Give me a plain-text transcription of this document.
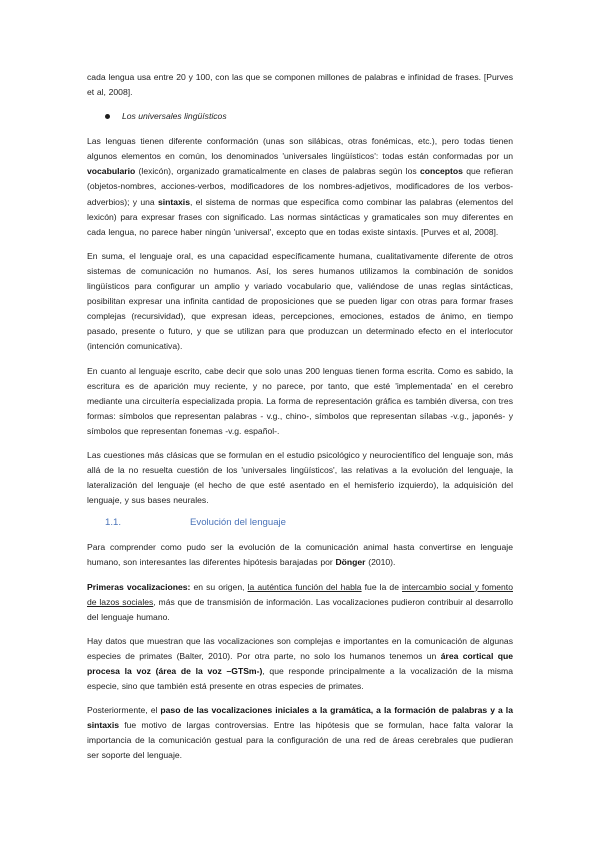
cada lengua usa entre 20 y 100, con las que se componen millones de palabras e infinidad de frases. [Purves et al, 2008].

Los universales lingüísticos

Las lenguas tienen diferente conformación (unas son silábicas, otras fonémicas, etc.), pero todas tienen algunos elementos en común, los denominados 'universales lingüísticos': todas están conformadas por un vocabulario (lexicón), organizado gramaticalmente en clases de palabras según los conceptos que refieran (objetos-nombres, acciones-verbos, modificadores de los nombres-adjetivos, modificadores de los verbos-adverbios); y una sintaxis, el sistema de normas que especifica como combinar las palabras (elementos del lexicón) para expresar frases con significado. Las normas sintácticas y gramaticales son muy diferentes en cada lengua, no parece haber ningún 'universal', excepto que en todas existe sintaxis. [Purves et al, 2008].

En suma, el lenguaje oral, es una capacidad específicamente humana, cualitativamente diferente de otros sistemas de comunicación no humanos. Así, los seres humanos utilizamos la combinación de sonidos lingüísticos para configurar un amplio y variado vocabulario que, valiéndose de unas reglas sintácticas, posibilitan expresar una infinita cantidad de proposiciones que se pueden ligar con otras para formar frases complejas (recursividad), que expresan ideas, percepciones, emociones, estados de ánimo, en tiempo pasado, presente o futuro, y que se utilizan para que produzcan un determinado efecto en el interlocutor (intención comunicativa).

En cuanto al lenguaje escrito, cabe decir que solo unas 200 lenguas tienen forma escrita. Como es sabido, la escritura es de aparición muy reciente, y no parece, por tanto, que esté 'implementada' en el cerebro mediante una circuitería especializada propia. La forma de representación gráfica es también diversa, con tres formas: símbolos que representan palabras - v.g., chino-, símbolos que representan sílabas -v.g., japonés- y símbolos que representan fonemas -v.g. español-.

Las cuestiones más clásicas que se formulan en el estudio psicológico y neurocientífico del lenguaje son, más allá de la no resuelta cuestión de los 'universales lingüísticos', las relativas a la evolución del lenguaje, la lateralización del lenguaje (el hecho de que esté asentado en el hemisferio izquierdo), la adquisición del lenguaje, y sus bases neurales.

1.1.	Evolución del lenguaje

Para comprender como pudo ser la evolución de la comunicación animal hasta convertirse en lenguaje humano, son interesantes las diferentes hipótesis barajadas por Dönger (2010).

Primeras vocalizaciones: en su origen, la auténtica función del habla fue la de intercambio social y fomento de lazos sociales, más que de transmisión de información. Las vocalizaciones pudieron contribuir al desarrollo del lenguaje humano.

Hay datos que muestran que las vocalizaciones son complejas e importantes en la comunicación de algunas especies de primates (Balter, 2010). Por otra parte, no solo los humanos tenemos un área cortical que procesa la voz (área de la voz –GTSm-), que responde principalmente a la vocalización de la misma especie, sino que también está presente en otras especies de primates.

Posteriormente, el paso de las vocalizaciones iniciales a la gramática, a la formación de palabras y a la sintaxis fue motivo de largas controversias. Entre las hipótesis que se formulan, hace falta valorar la importancia de la comunicación gestual para la configuración de una red de áreas cerebrales que pudieran ser soporte del lenguaje.
